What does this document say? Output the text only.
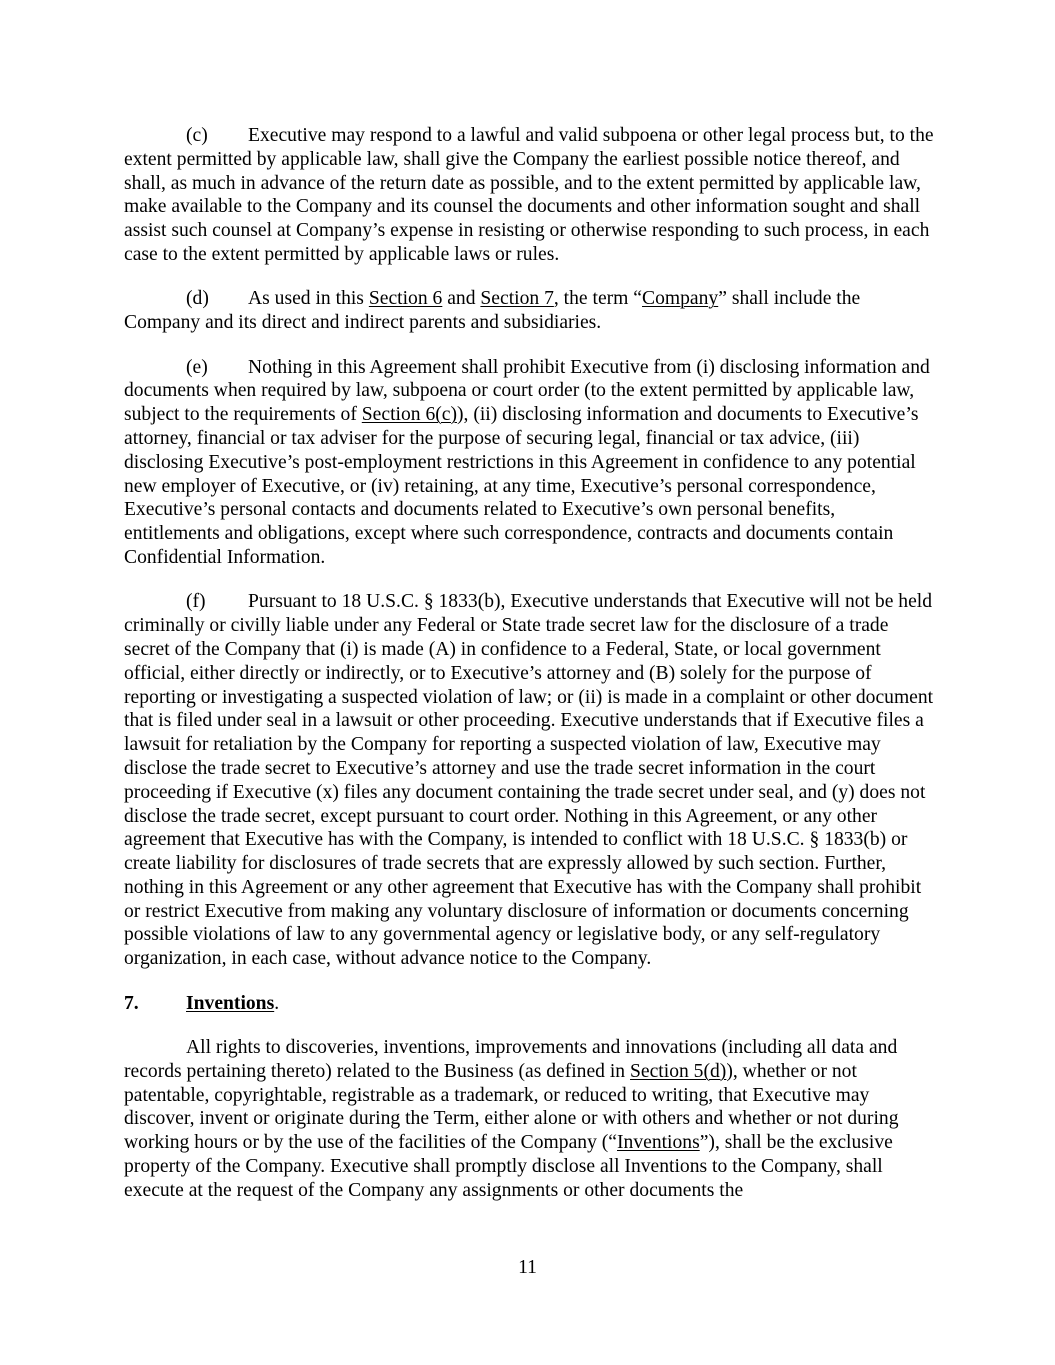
(c) Executive may respond to a lawful and valid subpoena or other legal process but, to the extent permitted by applicable law, shall give the Company the earliest possible notice thereof, and shall, as much in advance of the return date as possible, and to the extent permitted by applicable law, make available to the Company and its counsel the documents and other information sought and shall assist such counsel at Company’s expense in resisting or otherwise responding to such process, in each case to the extent permitted by applicable laws or rules.

(d) As used in this Section 6 and Section 7, the term “Company” shall include the Company and its direct and indirect parents and subsidiaries.

(e) Nothing in this Agreement shall prohibit Executive from (i) disclosing information and documents when required by law, subpoena or court order (to the extent permitted by applicable law, subject to the requirements of Section 6(c)), (ii) disclosing information and documents to Executive’s attorney, financial or tax adviser for the purpose of securing legal, financial or tax advice, (iii) disclosing Executive’s post-employment restrictions in this Agreement in confidence to any potential new employer of Executive, or (iv) retaining, at any time, Executive’s personal correspondence, Executive’s personal contacts and documents related to Executive’s own personal benefits, entitlements and obligations, except where such correspondence, contracts and documents contain Confidential Information.

(f) Pursuant to 18 U.S.C. § 1833(b), Executive understands that Executive will not be held criminally or civilly liable under any Federal or State trade secret law for the disclosure of a trade secret of the Company that (i) is made (A) in confidence to a Federal, State, or local government official, either directly or indirectly, or to Executive’s attorney and (B) solely for the purpose of reporting or investigating a suspected violation of law; or (ii) is made in a complaint or other document that is filed under seal in a lawsuit or other proceeding. Executive understands that if Executive files a lawsuit for retaliation by the Company for reporting a suspected violation of law, Executive may disclose the trade secret to Executive’s attorney and use the trade secret information in the court proceeding if Executive (x) files any document containing the trade secret under seal, and (y) does not disclose the trade secret, except pursuant to court order. Nothing in this Agreement, or any other agreement that Executive has with the Company, is intended to conflict with 18 U.S.C. § 1833(b) or create liability for disclosures of trade secrets that are expressly allowed by such section. Further, nothing in this Agreement or any other agreement that Executive has with the Company shall prohibit or restrict Executive from making any voluntary disclosure of information or documents concerning possible violations of law to any governmental agency or legislative body, or any self-regulatory organization, in each case, without advance notice to the Company.

7. Inventions.

All rights to discoveries, inventions, improvements and innovations (including all data and records pertaining thereto) related to the Business (as defined in Section 5(d)), whether or not patentable, copyrightable, registrable as a trademark, or reduced to writing, that Executive may discover, invent or originate during the Term, either alone or with others and whether or not during working hours or by the use of the facilities of the Company (“Inventions”), shall be the exclusive property of the Company. Executive shall promptly disclose all Inventions to the Company, shall execute at the request of the Company any assignments or other documents the

11
